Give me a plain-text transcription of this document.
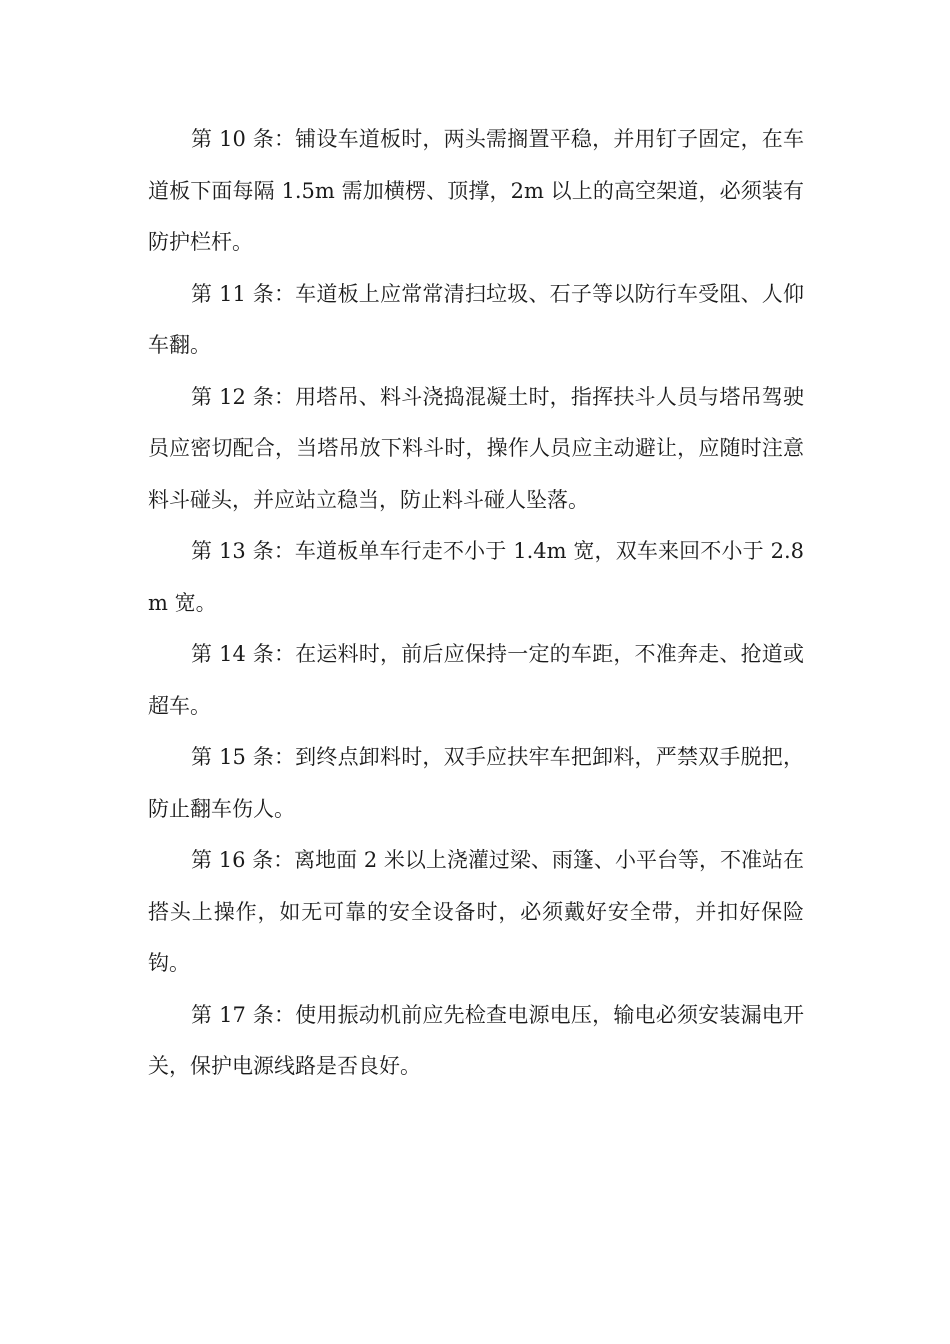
第 10 条：铺设车道板时，两头需搁置平稳，并用钉子固定，在车道板下面每隔 1.5m 需加横楞、顶撑，2m 以上的高空架道，必须装有防护栏杆。

第 11 条：车道板上应常常清扫垃圾、石子等以防行车受阻、人仰车翻。

第 12 条：用塔吊、料斗浇捣混凝土时，指挥扶斗人员与塔吊驾驶员应密切配合，当塔吊放下料斗时，操作人员应主动避让，应随时注意料斗碰头，并应站立稳当，防止料斗碰人坠落。

第 13 条：车道板单车行走不小于 1.4m 宽，双车来回不小于 2.8m 宽。

第 14 条：在运料时，前后应保持一定的车距，不准奔走、抢道或超车。

第 15 条：到终点卸料时，双手应扶牢车把卸料，严禁双手脱把，防止翻车伤人。

第 16 条：离地面 2 米以上浇灌过梁、雨篷、小平台等，不准站在搭头上操作，如无可靠的安全设备时，必须戴好安全带，并扣好保险钩。

第 17 条：使用振动机前应先检查电源电压，输电必须安装漏电开关，保护电源线路是否良好。
